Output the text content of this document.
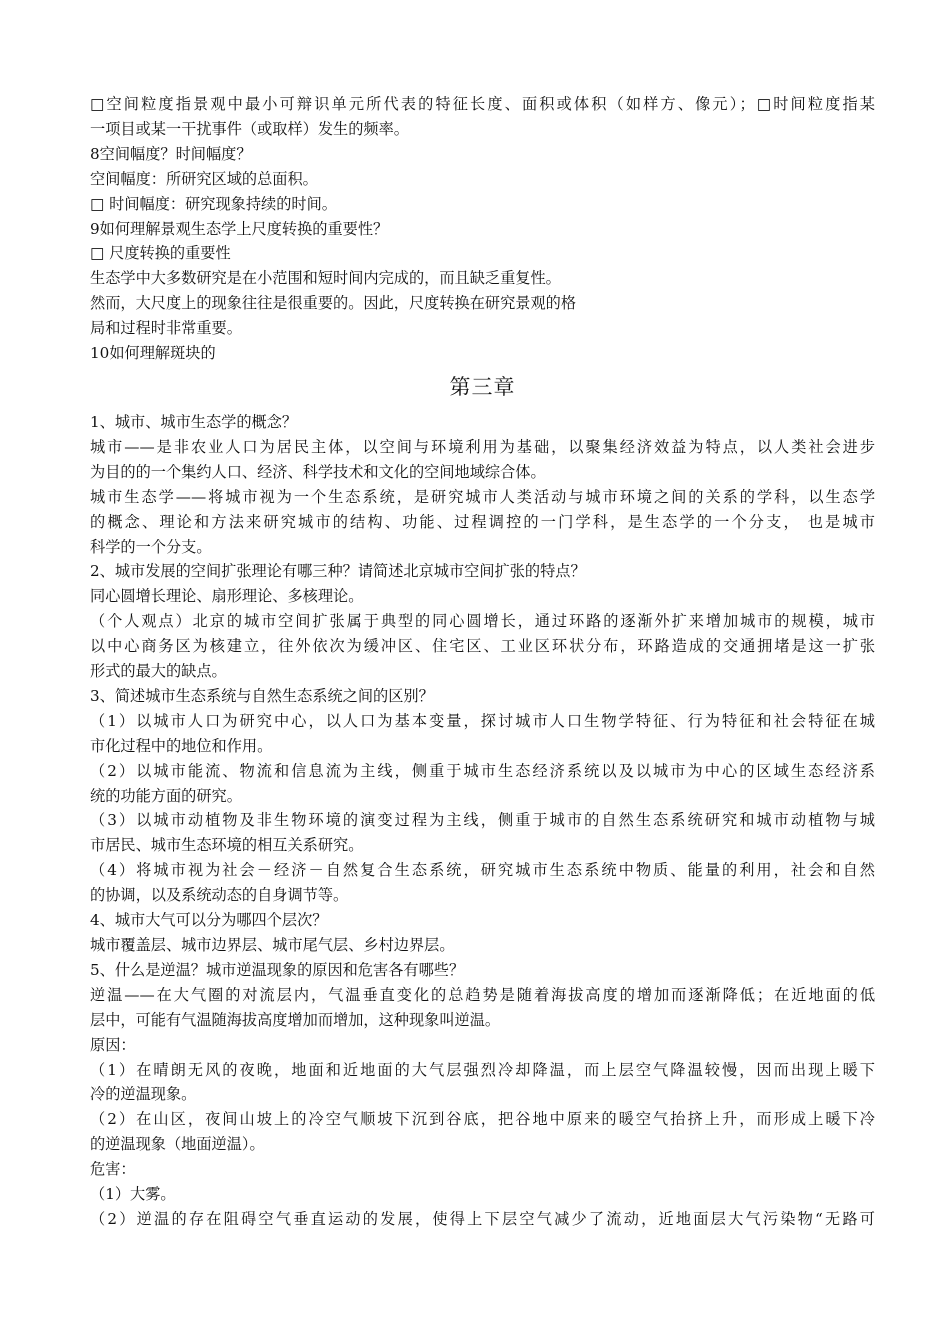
□空间粒度指景观中最小可辩识单元所代表的特征长度、面积或体积（如样方、像元）；□时间粒度指某
一项目或某一干扰事件（或取样）发生的频率。
8空间幅度？时间幅度？
空间幅度：所研究区域的总面积。
□ 时间幅度：研究现象持续的时间。
9如何理解景观生态学上尺度转换的重要性？
□ 尺度转换的重要性
生态学中大多数研究是在小范围和短时间内完成的，而且缺乏重复性。
然而，大尺度上的现象往往是很重要的。因此，尺度转换在研究景观的格
局和过程时非常重要。
10如何理解斑块的
第三章
1、城市、城市生态学的概念？
城市——是非农业人口为居民主体，以空间与环境利用为基础，以聚集经济效益为特点，以人类社会进步
为目的的一个集约人口、经济、科学技术和文化的空间地域综合体。
城市生态学——将城市视为一个生态系统，是研究城市人类活动与城市环境之间的关系的学科，以生态学
的概念、理论和方法来研究城市的结构、功能、过程调控的一门学科，是生态学的一个分支， 也是城市
科学的一个分支。
2、城市发展的空间扩张理论有哪三种？请简述北京城市空间扩张的特点？
同心圆增长理论、扇形理论、多核理论。
（个人观点）北京的城市空间扩张属于典型的同心圆增长，通过环路的逐渐外扩来增加城市的规模，城市
以中心商务区为核建立，往外依次为缓冲区、住宅区、工业区环状分布，环路造成的交通拥堵是这一扩张
形式的最大的缺点。
3、简述城市生态系统与自然生态系统之间的区别？
（1）以城市人口为研究中心，以人口为基本变量，探讨城市人口生物学特征、行为特征和社会特征在城
市化过程中的地位和作用。
（2）以城市能流、物流和信息流为主线，侧重于城市生态经济系统以及以城市为中心的区域生态经济系
统的功能方面的研究。
（3）以城市动植物及非生物环境的演变过程为主线，侧重于城市的自然生态系统研究和城市动植物与城
市居民、城市生态环境的相互关系研究。
（4）将城市视为社会－经济－自然复合生态系统，研究城市生态系统中物质、能量的利用，社会和自然
的协调，以及系统动态的自身调节等。
4、城市大气可以分为哪四个层次？
城市覆盖层、城市边界层、城市尾气层、乡村边界层。
5、什么是逆温？城市逆温现象的原因和危害各有哪些？
逆温——在大气圈的对流层内，气温垂直变化的总趋势是随着海拔高度的增加而逐渐降低；在近地面的低
层中，可能有气温随海拔高度增加而增加，这种现象叫逆温。
原因：
（1）在晴朗无风的夜晚，地面和近地面的大气层强烈冷却降温，而上层空气降温较慢，因而出现上暖下
冷的逆温现象。
（2）在山区，夜间山坡上的冷空气顺坡下沉到谷底，把谷地中原来的暖空气抬挤上升，而形成上暖下冷
的逆温现象（地面逆温）。
危害：
（1）大雾。
（2）逆温的存在阻碍空气垂直运动的发展，使得上下层空气减少了流动，近地面层大气污染物“无路可
